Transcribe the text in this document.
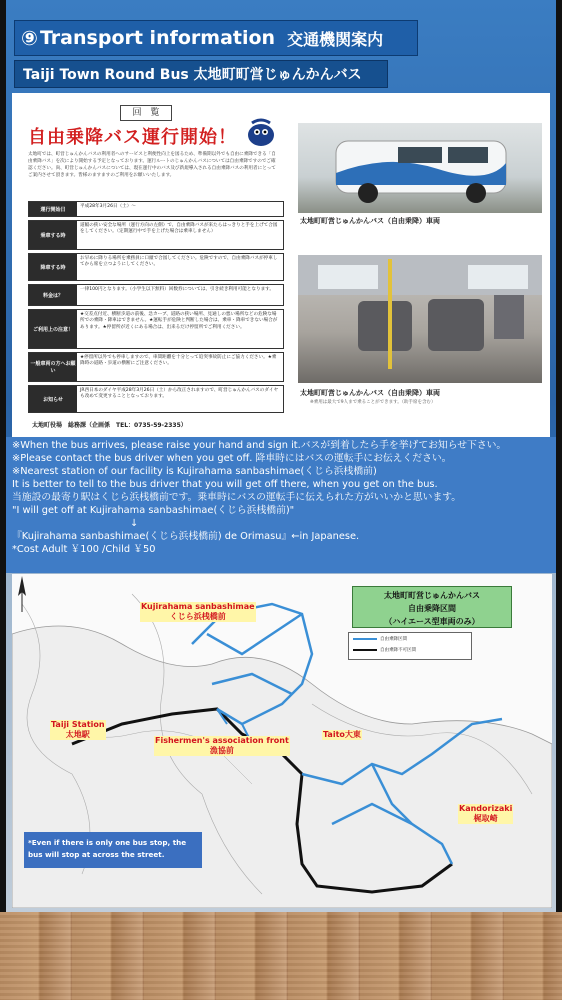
⑨ Transport information 交通機関案内
Taiji Town Round Bus 太地町町営じゅんかんバス
回　覧
自由乗降バス運行開始！
太地町では、町営じゅんかんバスの利用者へのサービスと利便性向上を図るため、準備期以外でも自由に乗降できる「自由乗降バス」を次により開始する予定となっております。運行ルートのじゅんかんバスについては自由乗降ですのでご確認ください。尚、町営じゅんかんバスについては、現在運行中のバス及び新規導入される自由乗降バスの利用者にとってご案内させて頂きます。皆様のますますのご利用をお願いいたします。
運行開始日	平成28年3月26日（土）〜
乗車する時
道幅の狭い安全な場所（運行方向の左側）で、自由乗降バスが来たらはっきりと手を上げて合図をしてください。（定期運行中で手を上げた場合は乗車しません）
降車する時
お早めに降りる場所を乗務員に口頭で合図してください。危険ですので、自由乗降バスが停車してから席を立つようにしてください。
料金は？
一律100円となります。（小学生以下無料）回数券については、引き続き利用可能となります。
ご利用上の注意！
★交差点付近、横断歩道の前後、急カーブ、道路の狭い場所、見通しの悪い場所などの危険な場所での乗降・降車はできません。★運転手が危険と判断した場合は、乗車・降車できない場合があります。★停留所が近くにある場合は、出来るだけ停留所でご利用ください。
一般車両の方へお願い
★停留所以外でも停車しますので、車間距離を十分とって追突事故防止にご協力ください。★乗降時の道路・歩道の横断にご注意ください。
お知らせ
JR西日本のダイヤ平成28年3月26日（土）から改正されますので、町営じゅんかんバスのダイヤも改めて変更することとなっております。
太地町役場　総務課（企画係　TEL：0735-59-2335）
太地町町営じゅんかんバス（自由乗降）車両
太地町町営じゅんかんバス（自由乗降）車両
※乗用は最大で9人まで乗ることができます。（助手席を含む）

※When the bus arrives, please raise your hand and sign it.バスが到着したら手を挙げてお知らせ下さい。

※Please contact the bus driver when you get off. 降車時にはバスの運転手にお伝えください。

※Nearest station of our facility is Kujirahama sanbashimae(くじら浜桟橋前)

It is better to tell to the bus driver that you will get off there, when you get on the bus.

当施設の最寄り駅はくじら浜桟橋前です。乗車時にバスの運転手に伝えられた方がいいかと思います。

"I will get off at Kujirahama sanbashimae(くじら浜桟橋前)"

↓

『Kujirahama sanbashimae(くじら浜桟橋前) de Orimasu』←in Japanese.

*Cost Adult ￥100 /Child ￥50

太地町町営じゅんかんバス
自由乗降区間
（ハイエース型車両のみ）
自由乗降区間
自由乗降不可区間
Kujirahama sanbashimae
くじら浜桟橋前
Taiji Station
太地駅
Fishermen's association front
漁協前
Taito大東
Kandorizaki
梶取崎
*Even if there is only one bus stop, the bus will stop at across the street.
